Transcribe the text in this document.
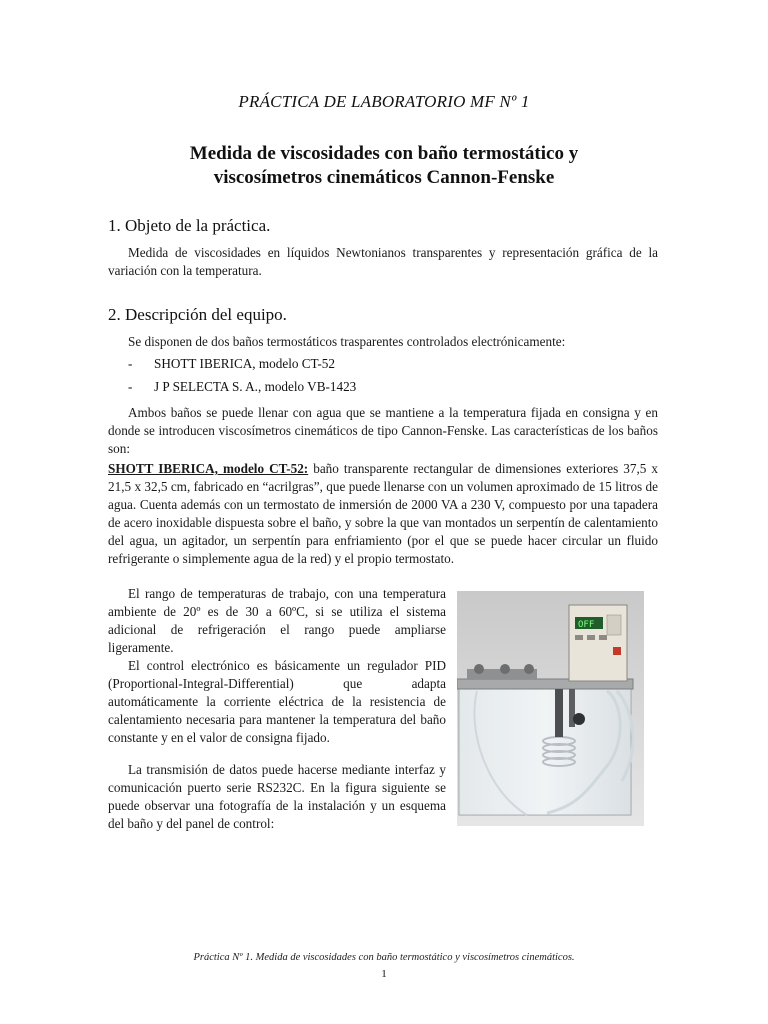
PRÁCTICA DE LABORATORIO MF Nº 1
Medida de viscosidades con baño termostático y
viscosímetros cinemáticos Cannon-Fenske
1. Objeto de la práctica.
Medida de viscosidades en líquidos Newtonianos transparentes y representación gráfica de la variación con la temperatura.
2. Descripción del equipo.
Se disponen de dos baños termostáticos trasparentes controlados electrónicamente:
- SHOTT IBERICA, modelo CT-52
- J P SELECTA S. A., modelo VB-1423
Ambos baños se puede llenar con agua que se mantiene a la temperatura fijada en consigna y en donde se introducen viscosímetros cinemáticos de tipo Cannon-Fenske. Las características de los baños son:
SHOTT IBERICA, modelo CT-52: baño transparente rectangular de dimensiones exteriores 37,5 x 21,5 x 32,5 cm, fabricado en “acrilgras”, que puede llenarse con un volumen aproximado de 15 litros de agua. Cuenta además con un termostato de inmersión de 2000 VA a 230 V, compuesto por una tapadera de acero inoxidable dispuesta sobre el baño, y sobre la que van montados un serpentín de calentamiento del agua, un agitador, un serpentín para enfriamiento (por el que se puede hacer circular un fluido refrigerante o simplemente agua de la red) y el propio termostato.
El rango de temperaturas de trabajo, con una temperatura ambiente de 20º es de 30 a 60ºC, si se utiliza el sistema adicional de refrigeración el rango puede ampliarse ligeramente.
El control electrónico es básicamente un regulador PID (Proportional-Integral-Differential) que adapta automáticamente la corriente eléctrica de la resistencia de calentamiento necesaria para mantener la temperatura del baño constante y en el valor de consigna fijado.
La transmisión de datos puede hacerse mediante interfaz y comunicación puerto serie RS232C. En la figura siguiente se puede observar una fotografía de la instalación y un esquema del baño y del panel de control:
OFF
Práctica Nº 1. Medida de viscosidades con baño termostático y viscosímetros cinemáticos.
1
